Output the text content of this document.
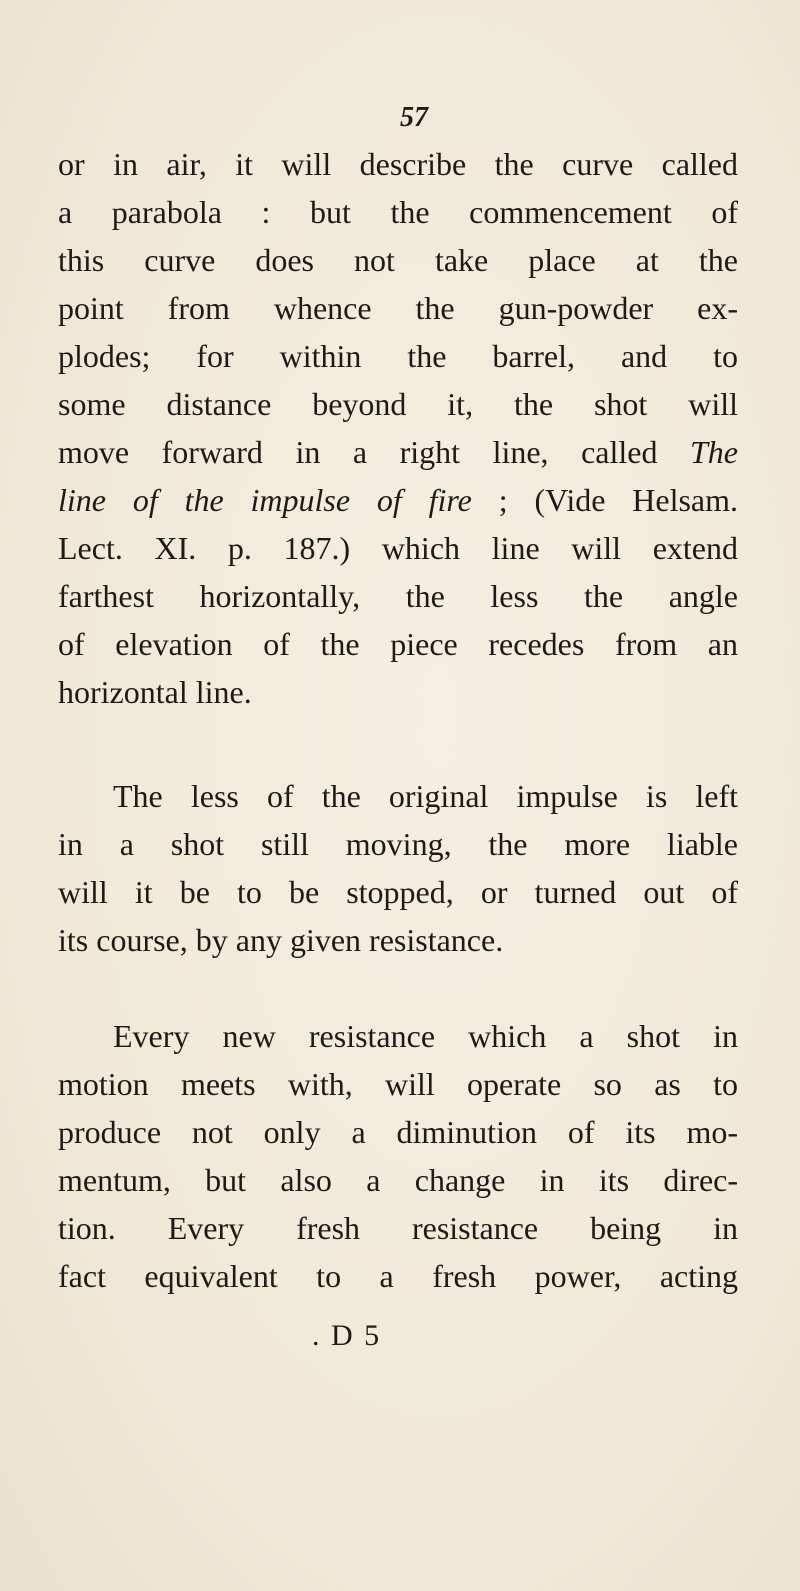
57
or in air, it will describe the curve called
a parabola : but the commencement of
this curve does not take place at the
point from whence the gun-powder ex-
plodes; for within the barrel, and to
some distance beyond it, the shot will
move forward in a right line, called The
line of the impulse of fire ; (Vide Helsam.
Lect. XI. p. 187.) which line will extend
farthest horizontally, the less the angle
of elevation of the piece recedes from an
horizontal line.
The less of the original impulse is left
in a shot still moving, the more liable
will it be to be stopped, or turned out of
its course, by any given resistance.
Every new resistance which a shot in
motion meets with, will operate so as to
produce not only a diminution of its mo-
mentum, but also a change in its direc-
tion. Every fresh resistance being in
fact equivalent to a fresh power, acting
. D 5
